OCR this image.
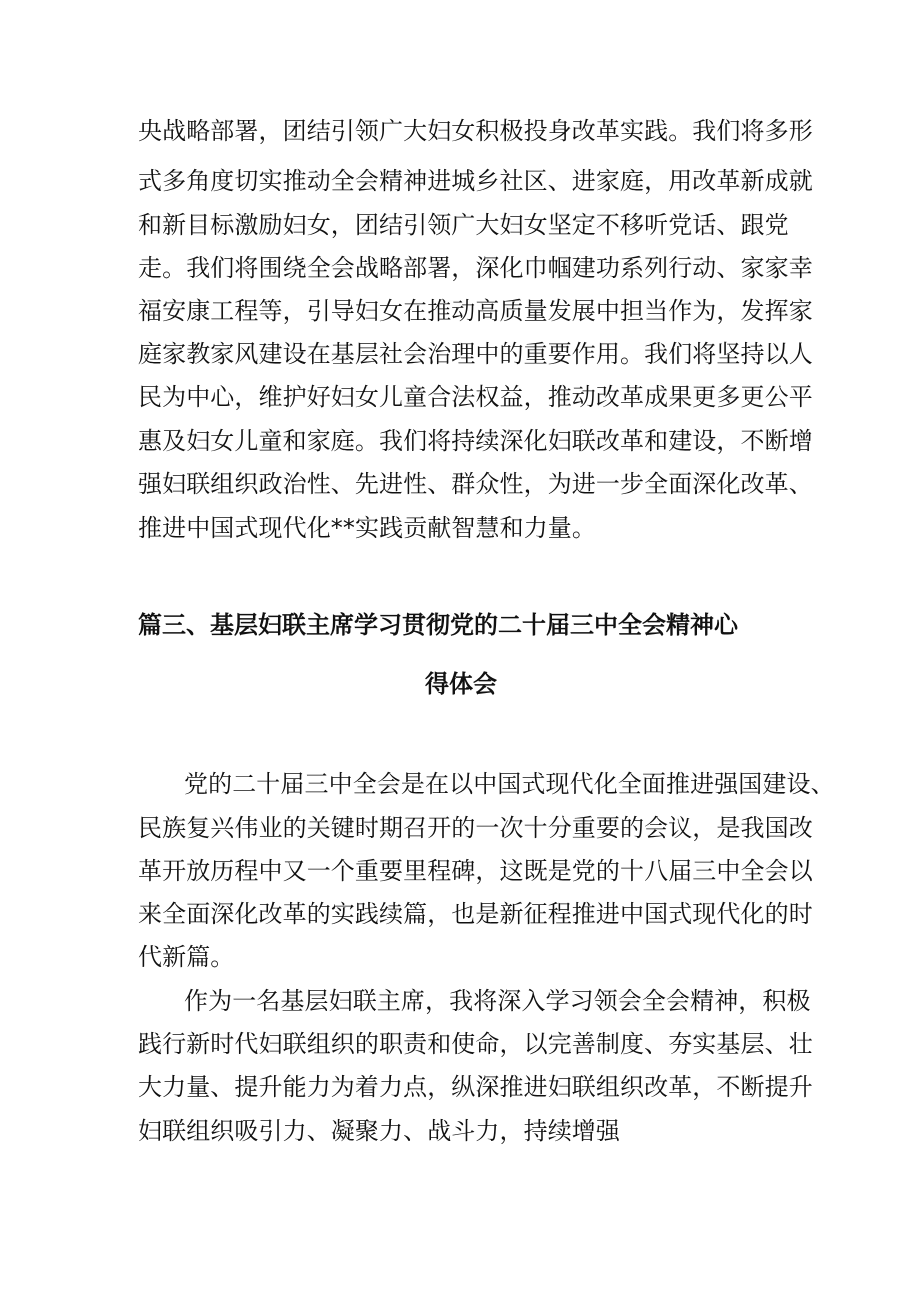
央战略部署，团结引领广大妇女积极投身改革实践。我们将多形
式多角度切实推动全会精神进城乡社区、进家庭，用改革新成就
和新目标激励妇女，团结引领广大妇女坚定不移听党话、跟党
走。我们将围绕全会战略部署，深化巾帼建功系列行动、家家幸
福安康工程等，引导妇女在推动高质量发展中担当作为，发挥家
庭家教家风建设在基层社会治理中的重要作用。我们将坚持以人
民为中心，维护好妇女儿童合法权益，推动改革成果更多更公平
惠及妇女儿童和家庭。我们将持续深化妇联改革和建设，不断增
强妇联组织政治性、先进性、群众性，为进一步全面深化改革、
推进中国式现代化**实践贡献智慧和力量。
篇三、基层妇联主席学习贯彻党的二十届三中全会精神心
得体会
党的二十届三中全会是在以中国式现代化全面推进强国建设、
民族复兴伟业的关键时期召开的一次十分重要的会议，是我国改
革开放历程中又一个重要里程碑，这既是党的十八届三中全会以
来全面深化改革的实践续篇，也是新征程推进中国式现代化的时
代新篇。
作为一名基层妇联主席，我将深入学习领会全会精神，积极
践行新时代妇联组织的职责和使命，以完善制度、夯实基层、壮
大力量、提升能力为着力点，纵深推进妇联组织改革，不断提升
妇联组织吸引力、凝聚力、战斗力，持续增强
